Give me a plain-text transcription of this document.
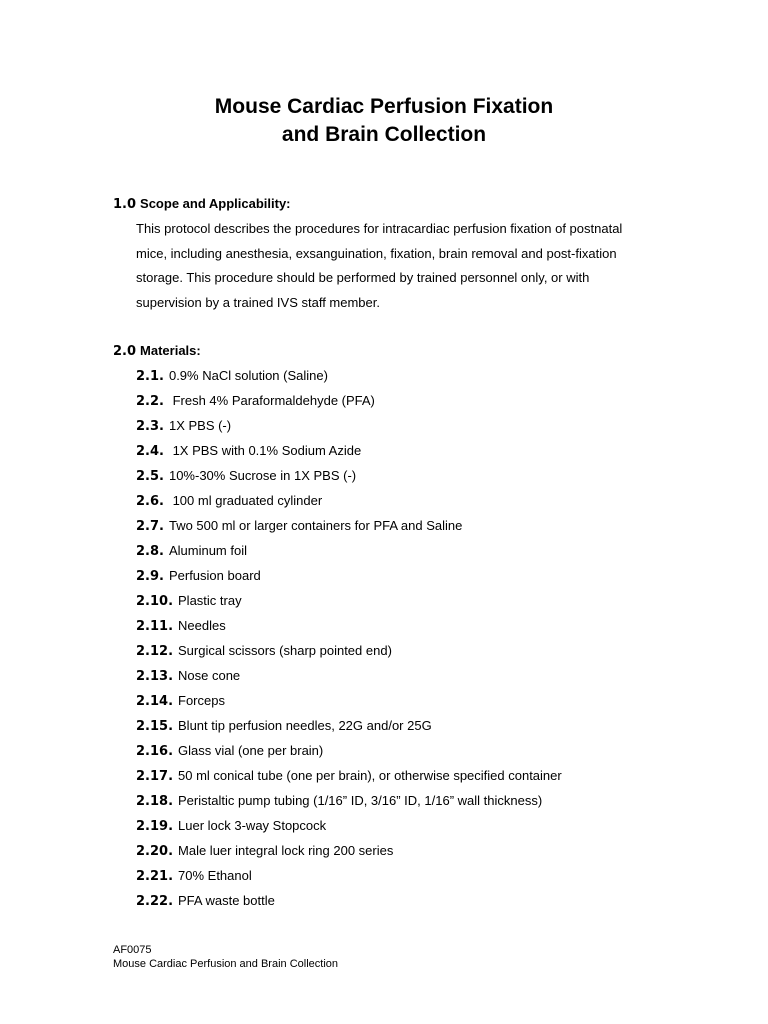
Mouse Cardiac Perfusion Fixation
and Brain Collection
1.0 Scope and Applicability:
This protocol describes the procedures for intracardiac perfusion fixation of postnatal
mice, including anesthesia, exsanguination, fixation, brain removal and post-fixation
storage. This procedure should be performed by trained personnel only, or with
supervision by a trained IVS staff member.
2.0 Materials:
2.1. 0.9% NaCl solution (Saline)
2.2. Fresh 4% Paraformaldehyde (PFA)
2.3. 1X PBS (-)
2.4. 1X PBS with 0.1% Sodium Azide
2.5. 10%-30% Sucrose in 1X PBS (-)
2.6. 100 ml graduated cylinder
2.7. Two 500 ml or larger containers for PFA and Saline
2.8. Aluminum foil
2.9. Perfusion board
2.10. Plastic tray
2.11. Needles
2.12. Surgical scissors (sharp pointed end)
2.13. Nose cone
2.14. Forceps
2.15. Blunt tip perfusion needles, 22G and/or 25G
2.16. Glass vial (one per brain)
2.17. 50 ml conical tube (one per brain), or otherwise specified container
2.18. Peristaltic pump tubing (1/16” ID, 3/16” ID, 1/16” wall thickness)
2.19. Luer lock 3-way Stopcock
2.20. Male luer integral lock ring 200 series
2.21. 70% Ethanol
2.22. PFA waste bottle
AF0075
Mouse Cardiac Perfusion and Brain Collection
